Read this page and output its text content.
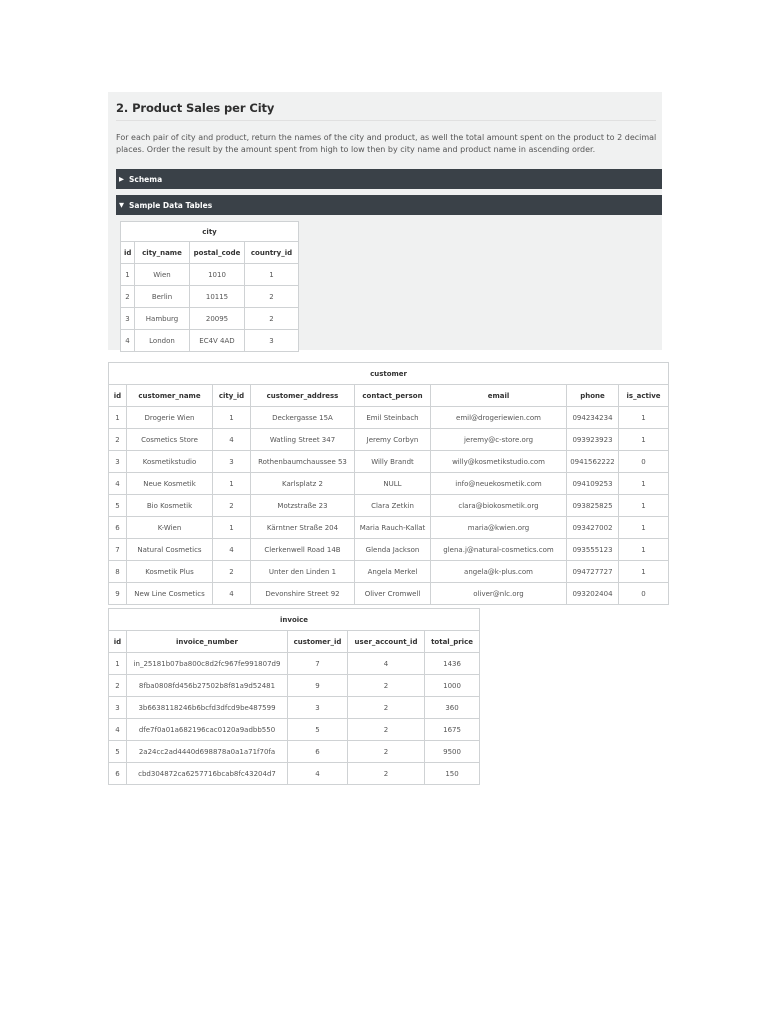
2. Product Sales per City
For each pair of city and product, return the names of the city and product, as well the total amount spent on the product to 2 decimal places. Order the result by the amount spent from high to low then by city name and product name in ascending order.
▶ Schema
▼ Sample Data Tables
city			
id	city_name	postal_code	country_id
1	Wien	1010	1
2	Berlin	10115	2
3	Hamburg	20095	2
4	London	EC4V 4AD	3
customer							
id	customer_name	city_id	customer_address	contact_person	email	phone	is_active
1	Drogerie Wien	1	Deckergasse 15A	Emil Steinbach	emil@drogeriewien.com	094234234	1
2	Cosmetics Store	4	Watling Street 347	Jeremy Corbyn	jeremy@c-store.org	093923923	1
3	Kosmetikstudio	3	Rothenbaumchaussee 53	Willy Brandt	willy@kosmetikstudio.com	0941562222	0
4	Neue Kosmetik	1	Karlsplatz 2	NULL	info@neuekosmetik.com	094109253	1
5	Bio Kosmetik	2	Motzstraße 23	Clara Zetkin	clara@biokosmetik.org	093825825	1
6	K-Wien	1	Kärntner Straße 204	Maria Rauch-Kallat	maria@kwien.org	093427002	1
7	Natural Cosmetics	4	Clerkenwell Road 14B	Glenda Jackson	glena.j@natural-cosmetics.com	093555123	1
8	Kosmetik Plus	2	Unter den Linden 1	Angela Merkel	angela@k-plus.com	094727727	1
9	New Line Cosmetics	4	Devonshire Street 92	Oliver Cromwell	oliver@nlc.org	093202404	0
invoice				
id	invoice_number	customer_id	user_account_id	total_price
1	in_25181b07ba800c8d2fc967fe991807d9	7	4	1436
2	8fba0808fd456b27502b8f81a9d52481	9	2	1000
3	3b6638118246b6bcfd3dfcd9be487599	3	2	360
4	dfe7f0a01a682196cac0120a9adbb550	5	2	1675
5	2a24cc2ad4440d698878a0a1a71f70fa	6	2	9500
6	cbd304872ca6257716bcab8fc43204d7	4	2	150
